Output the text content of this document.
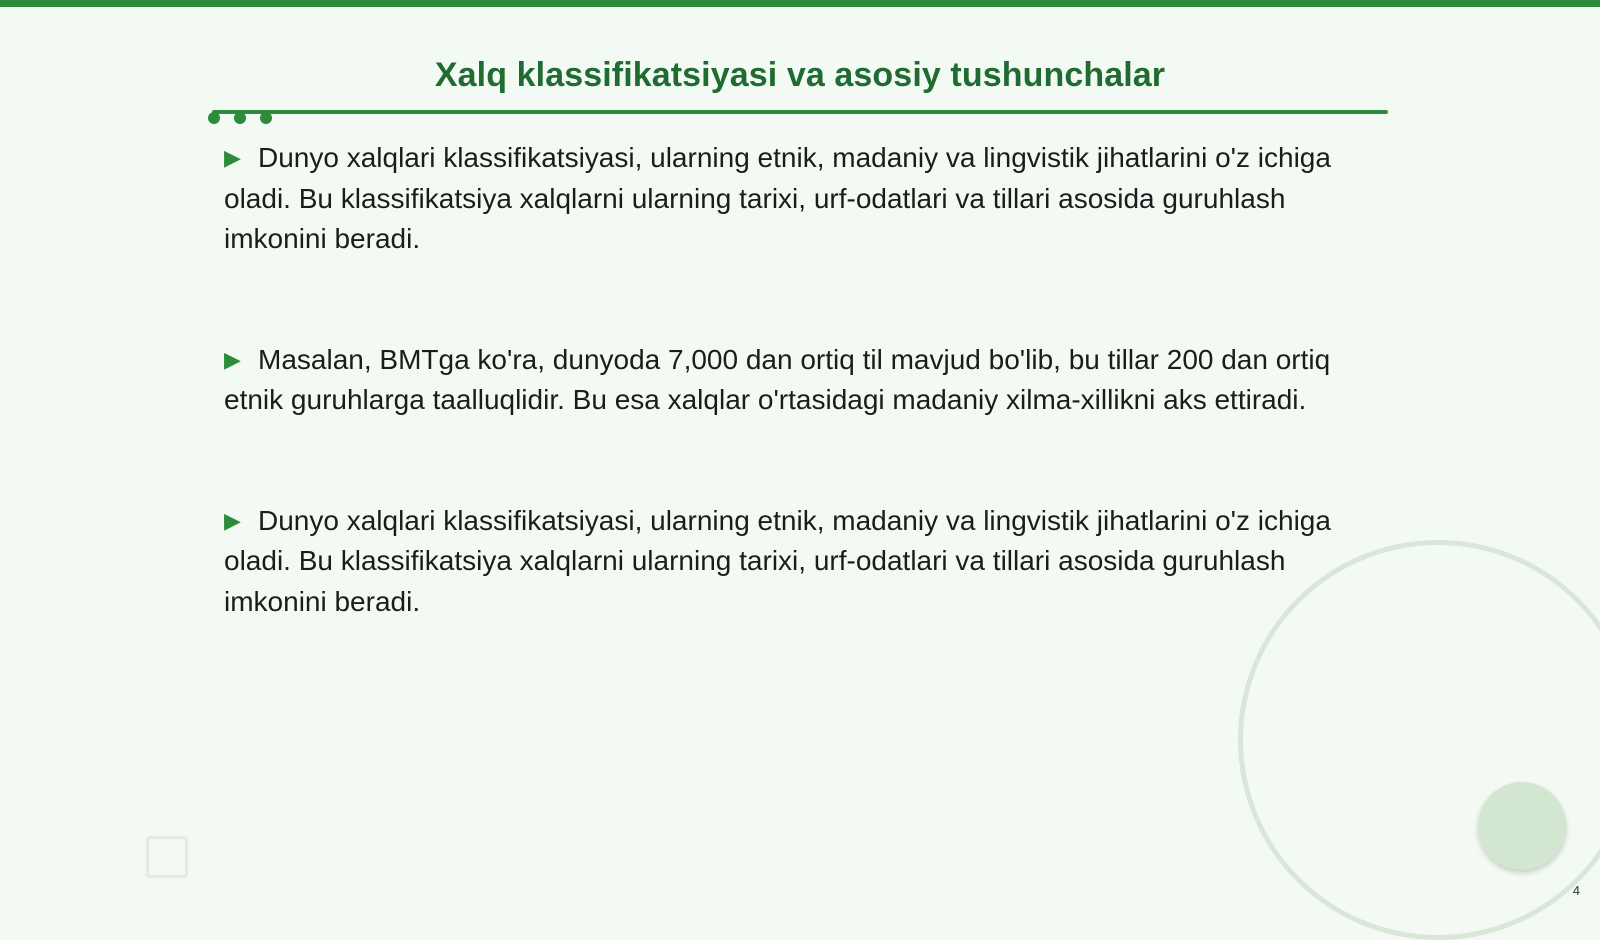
Xalq klassifikatsiyasi va asosiy tushunchalar

▶ Dunyo xalqlari klassifikatsiyasi, ularning etnik, madaniy va lingvistik jihatlarini o'z ichiga oladi. Bu klassifikatsiya xalqlarni ularning tarixi, urf-odatlari va tillari asosida guruhlash imkonini beradi.

▶ Masalan, BMTga ko'ra, dunyoda 7,000 dan ortiq til mavjud bo'lib, bu tillar 200 dan ortiq etnik guruhlarga taalluqlidir. Bu esa xalqlar o'rtasidagi madaniy xilma-xillikni aks ettiradi.

▶ Dunyo xalqlari klassifikatsiyasi, ularning etnik, madaniy va lingvistik jihatlarini o'z ichiga oladi. Bu klassifikatsiya xalqlarni ularning tarixi, urf-odatlari va tillari asosida guruhlash imkonini beradi.

4
